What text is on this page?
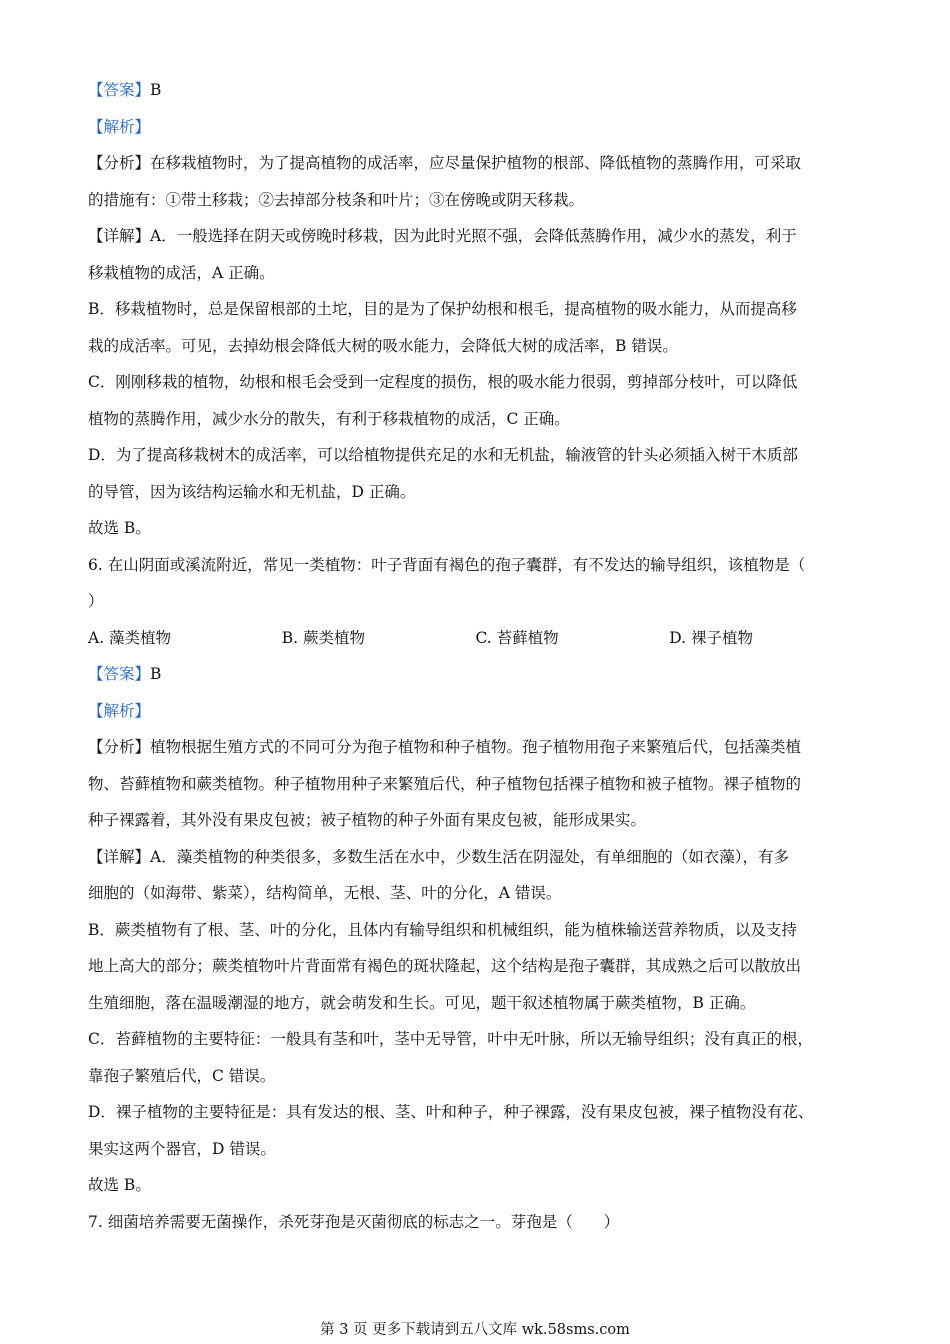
【答案】B

【解析】

【分析】在移栽植物时，为了提高植物的成活率，应尽量保护植物的根部、降低植物的蒸腾作用，可采取

的措施有：①带土移栽；②去掉部分枝条和叶片；③在傍晚或阴天移栽。

【详解】A．一般选择在阴天或傍晚时移栽，因为此时光照不强，会降低蒸腾作用，减少水的蒸发，利于

移栽植物的成活，A 正确。

B．移栽植物时，总是保留根部的土坨，目的是为了保护幼根和根毛，提高植物的吸水能力，从而提高移

栽的成活率。可见，去掉幼根会降低大树的吸水能力，会降低大树的成活率，B 错误。

C．刚刚移栽的植物，幼根和根毛会受到一定程度的损伤，根的吸水能力很弱，剪掉部分枝叶，可以降低

植物的蒸腾作用，减少水分的散失，有利于移栽植物的成活，C 正确。

D．为了提高移栽树木的成活率，可以给植物提供充足的水和无机盐，输液管的针头必须插入树干木质部

的导管，因为该结构运输水和无机盐，D 正确。

故选 B。

6. 在山阴面或溪流附近，常见一类植物：叶子背面有褐色的孢子囊群，有不发达的输导组织，该植物是（

）

A. 藻类植物	B. 蕨类植物	C. 苔藓植物	D. 裸子植物

【答案】B

【解析】

【分析】植物根据生殖方式的不同可分为孢子植物和种子植物。孢子植物用孢子来繁殖后代，包括藻类植

物、苔藓植物和蕨类植物。种子植物用种子来繁殖后代，种子植物包括裸子植物和被子植物。裸子植物的

种子裸露着，其外没有果皮包被；被子植物的种子外面有果皮包被，能形成果实。

【详解】A．藻类植物的种类很多，多数生活在水中，少数生活在阴湿处，有单细胞的（如衣藻），有多

细胞的（如海带、紫菜），结构简单，无根、茎、叶的分化，A 错误。

B．蕨类植物有了根、茎、叶的分化，且体内有输导组织和机械组织，能为植株输送营养物质，以及支持

地上高大的部分；蕨类植物叶片背面常有褐色的斑状隆起，这个结构是孢子囊群，其成熟之后可以散放出

生殖细胞，落在温暖潮湿的地方，就会萌发和生长。可见，题干叙述植物属于蕨类植物，B 正确。

C．苔藓植物的主要特征：一般具有茎和叶，茎中无导管，叶中无叶脉，所以无输导组织；没有真正的根，

靠孢子繁殖后代，C 错误。

D．裸子植物的主要特征是：具有发达的根、茎、叶和种子，种子裸露，没有果皮包被，裸子植物没有花、

果实这两个器官，D 错误。

故选 B。

7. 细菌培养需要无菌操作，杀死芽孢是灭菌彻底的标志之一。芽孢是（　　）

第 3 页 更多下载请到五八文库 wk.58sms.com
